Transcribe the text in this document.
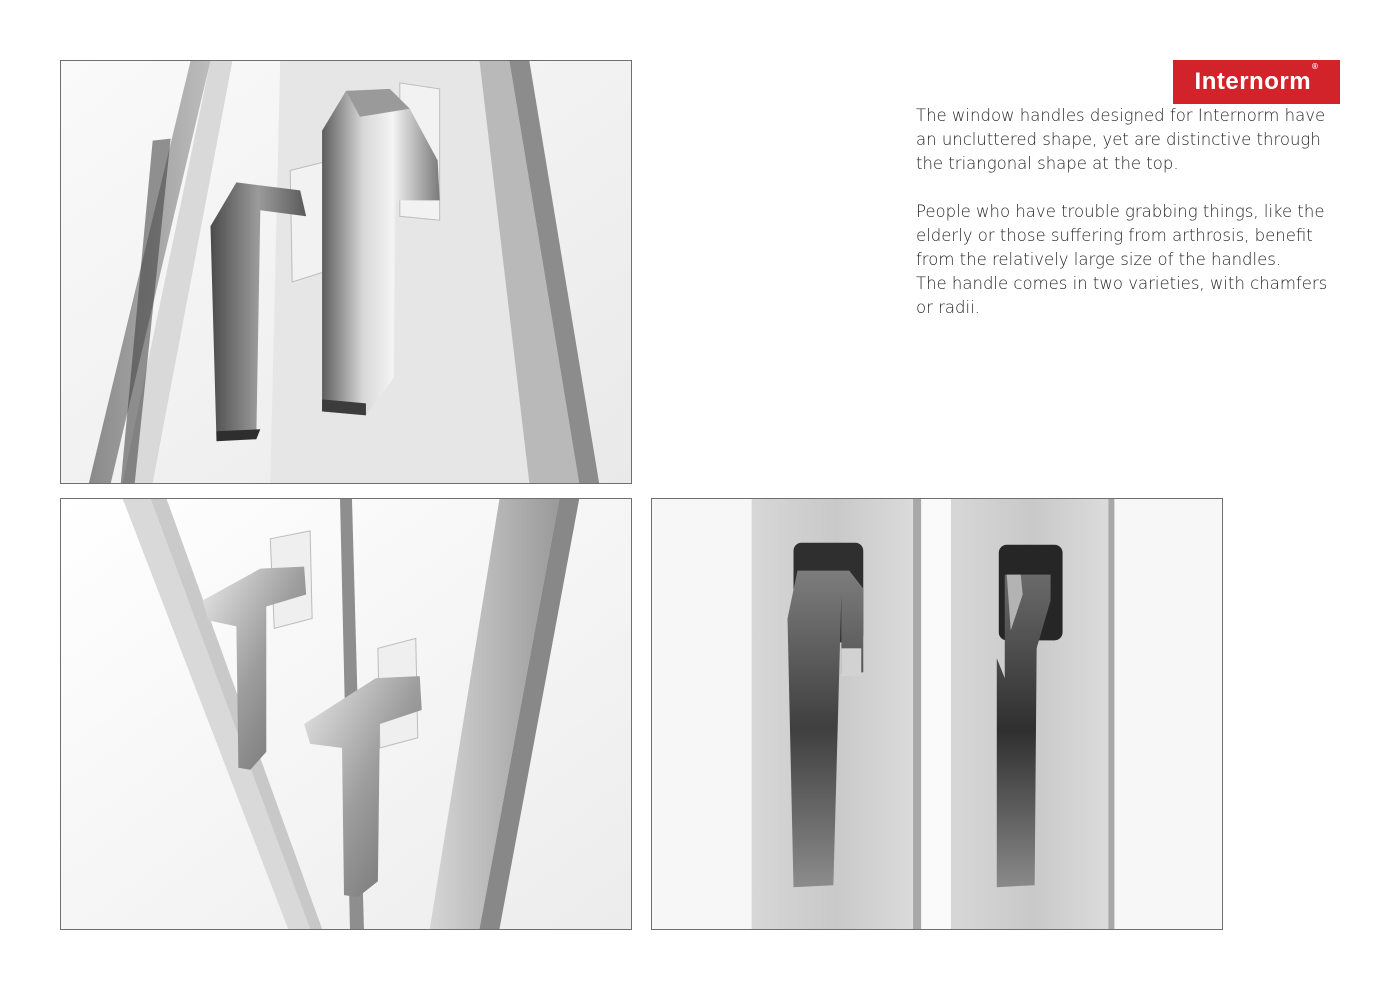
Internorm®

The window handles designed for Internorm have an uncluttered shape, yet are distinctive through the triangonal shape at the top.

People who have trouble grabbing things, like the elderly or those suffering from arthrosis, benefit from the relatively large size of the handles.

The handle comes in two varieties, with chamfers or radii.
